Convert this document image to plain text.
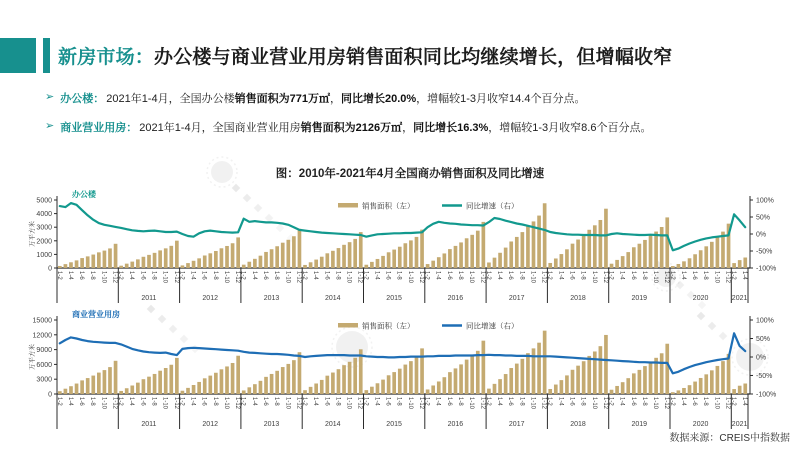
新房市场：办公楼与商业营业用房销售面积同比均继续增长，但增幅收窄
➢ 办公楼： 2021年1-4月，全国办公楼 销售面积为771万㎡ ， 同比增长20.0% ，增幅较1-3月收窄14.4个百分点。
➢ 商业营业用房： 2021年1-4月，全国商业营业用房 销售面积为2126万㎡ ， 同比增长16.3% ，增幅较1-3月收窄8.6个百分点。
图：2010年-2021年4月全国商办销售面积及同比增速
0
1000
2000
3000
4000
5000
万平方米
-100%
-50%
0%
50%
100%
1-2 1-4 1-6 1-8 1-10 1-12 1-2 1-4 1-6 1-8 1-10 1-12
2011
1-2 1-4 1-6 1-8 1-10 1-12
2012
1-2 1-4 1-6 1-8 1-10 1-12
2013
1-2 1-4 1-6 1-8 1-10 1-12
2014
1-2 1-4 1-6 1-8 1-10 1-12
2015
1-2 1-4 1-6 1-8 1-10 1-12
2016
1-2 1-4 1-6 1-8 1-10 1-12
2017
1-2 1-4 1-6 1-8 1-10 1-12
2018
1-2 1-4 1-6 1-8 1-10 1-12
2019
1-2 1-4 1-6 1-8 1-10 1-12
2020
1-2 1-4
2021
办公楼
销售面积（左）	同比增速（右）
0
3000
6000
9000
12000
15000
万平方米
-100%
-50%
0%
50%
100%
1-2 1-4 1-6 1-8 1-10 1-12 1-2 1-4 1-6 1-8 1-10 1-12
2011
1-2 1-4 1-6 1-8 1-10 1-12
2012
1-2 1-4 1-6 1-8 1-10 1-12
2013
1-2 1-4 1-6 1-8 1-10 1-12
2014
1-2 1-4 1-6 1-8 1-10 1-12
2015
1-2 1-4 1-6 1-8 1-10 1-12
2016
1-2 1-4 1-6 1-8 1-10 1-12
2017
1-2 1-4 1-6 1-8 1-10 1-12
2018
1-2 1-4 1-6 1-8 1-10 1-12
2019
1-2 1-4 1-6 1-8 1-10 1-12
2020
1-2 1-4
2021
商业营业用房
销售面积（左）	同比增速（右）
数据来源：CREIS中指数据
